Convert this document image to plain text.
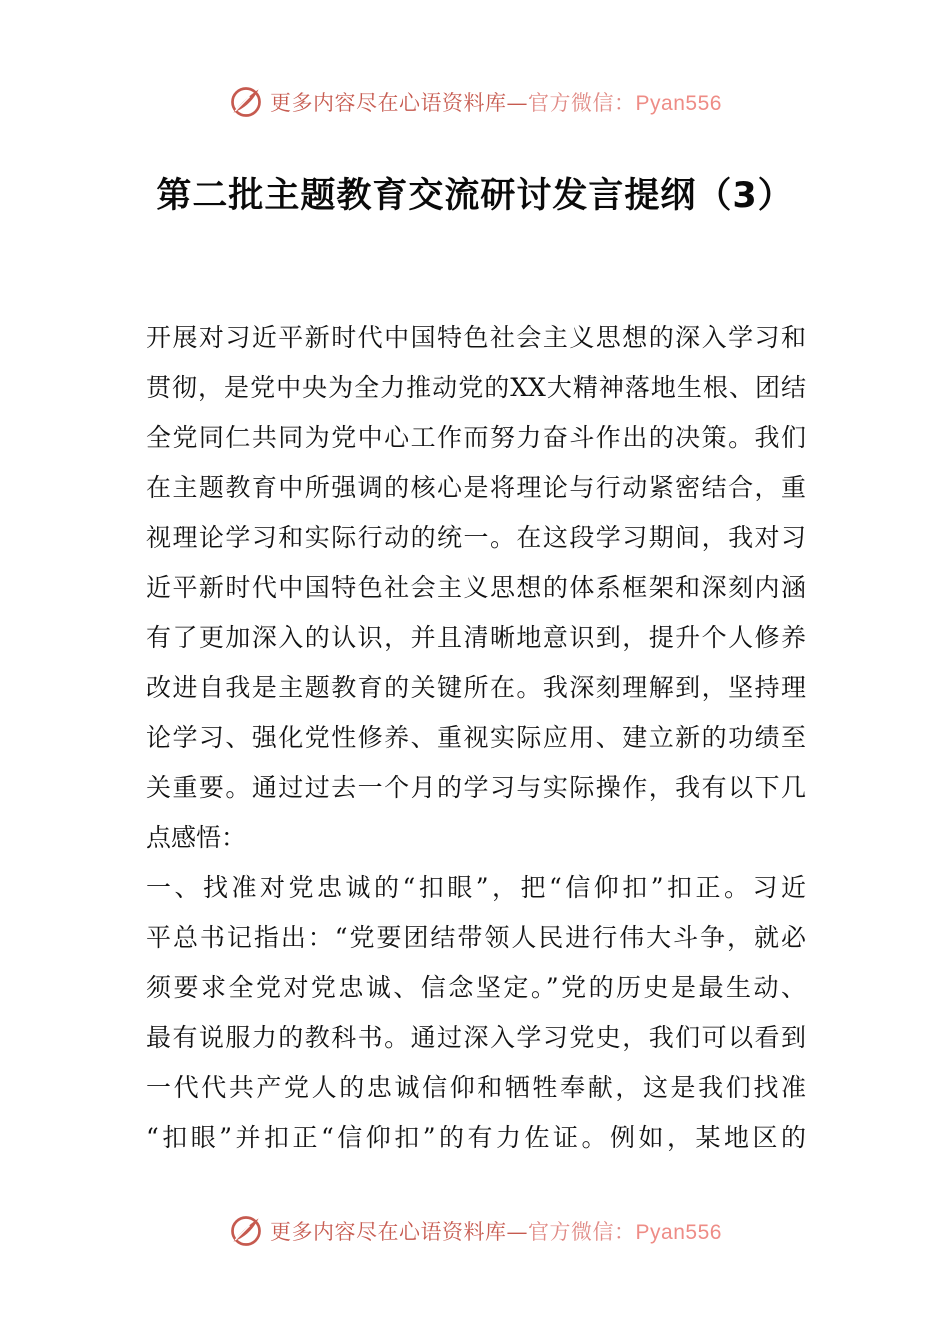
更多内容尽在心语资料库—官方微信：Pyan556
第二批主题教育交流研讨发言提纲（3）
开展对习近平新时代中国特色社会主义思想的深入学习和
贯彻，是党中央为全力推动党的XX大精神落地生根、团结
全党同仁共同为党中心工作而努力奋斗作出的决策。我们
在主题教育中所强调的核心是将理论与行动紧密结合，重
视理论学习和实际行动的统一。在这段学习期间，我对习
近平新时代中国特色社会主义思想的体系框架和深刻内涵
有了更加深入的认识，并且清晰地意识到，提升个人修养
改进自我是主题教育的关键所在。我深刻理解到，坚持理
论学习、强化党性修养、重视实际应用、建立新的功绩至
关重要。通过过去一个月的学习与实际操作，我有以下几
点感悟：
一、找准对党忠诚的“扣眼”，把“信仰扣”扣正。习近
平总书记指出：“党要团结带领人民进行伟大斗争，就必
须要求全党对党忠诚、信念坚定。”党的历史是最生动、
最有说服力的教科书。通过深入学习党史，我们可以看到
一代代共产党人的忠诚信仰和牺牲奉献，这是我们找准
“扣眼”并扣正“信仰扣”的有力佐证。例如，某地区的
更多内容尽在心语资料库—官方微信：Pyan556
